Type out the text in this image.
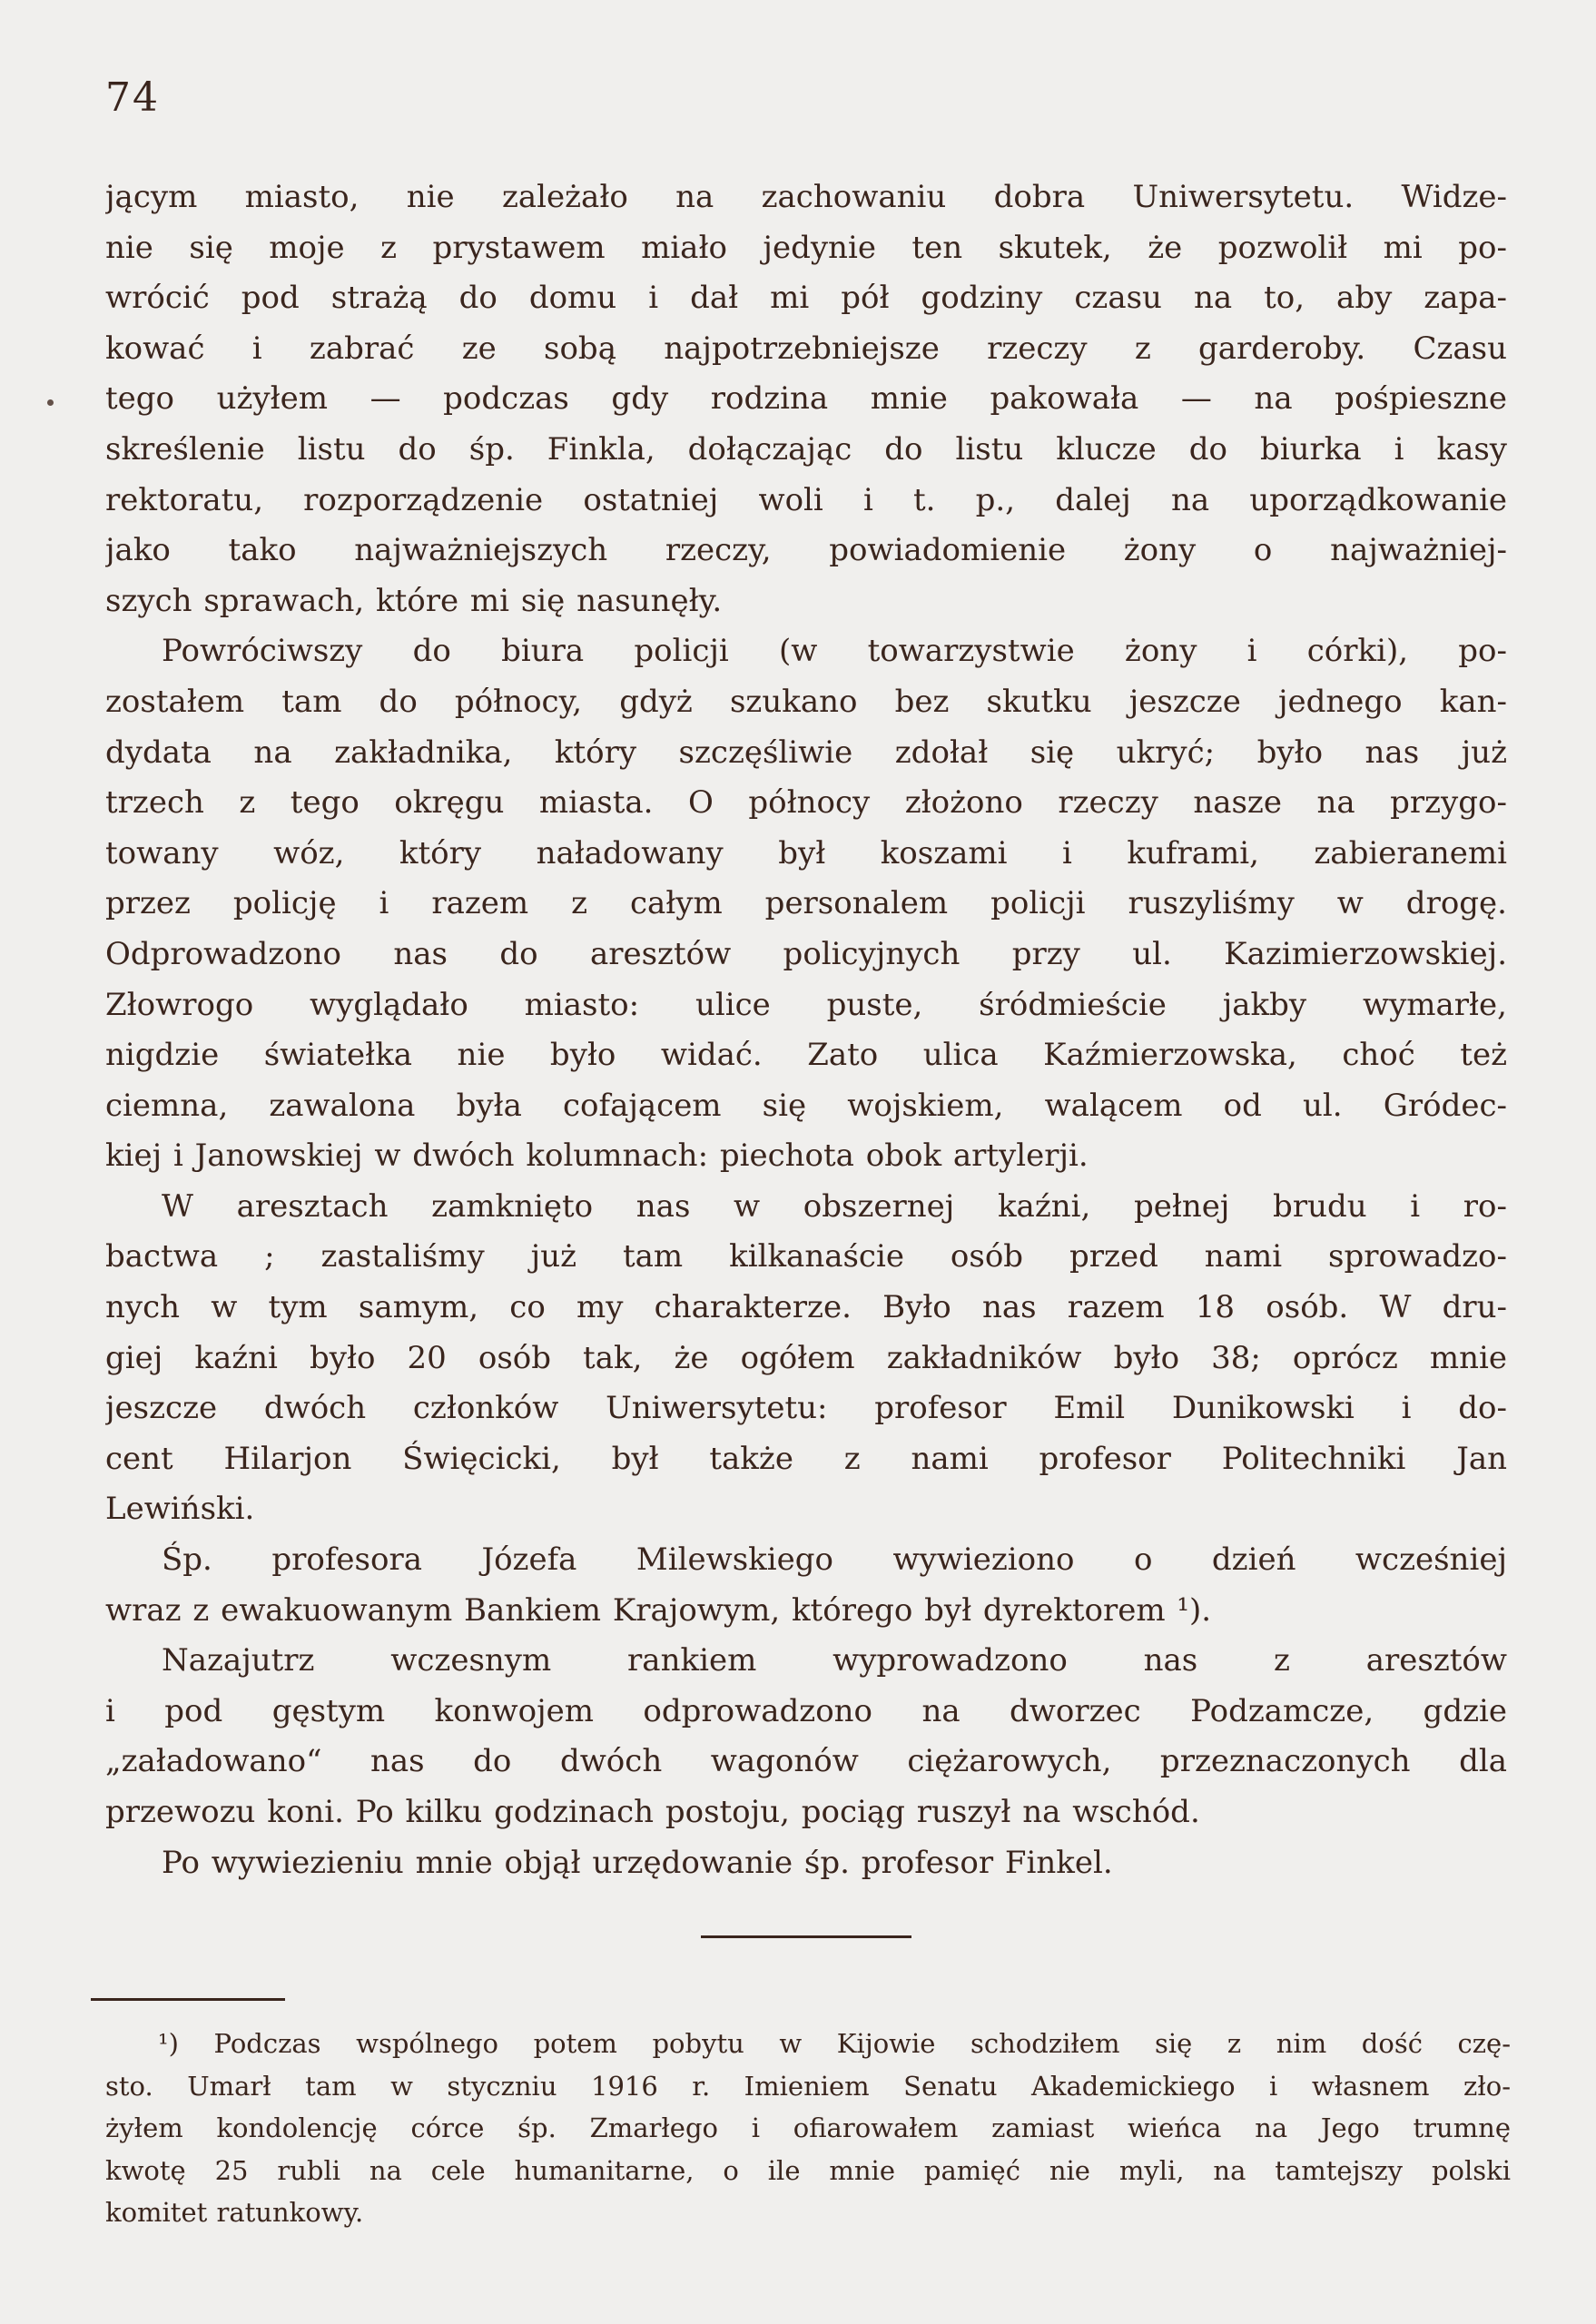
74
jącym miasto, nie zależało na zachowaniu dobra Uniwersytetu. Widze-
nie się moje z prystawem miało jedynie ten skutek, że pozwolił mi po-
wrócić pod strażą do domu i dał mi pół godziny czasu na to, aby zapa-
kować i zabrać ze sobą najpotrzebniejsze rzeczy z garderoby. Czasu
tego użyłem — podczas gdy rodzina mnie pakowała — na pośpieszne
skreślenie listu do śp. Finkla, dołączając do listu klucze do biurka i kasy
rektoratu, rozporządzenie ostatniej woli i t. p., dalej na uporządkowanie
jako tako najważniejszych rzeczy, powiadomienie żony o najważniej-
szych sprawach, które mi się nasunęły.
Powróciwszy do biura policji (w towarzystwie żony i córki), po-
zostałem tam do północy, gdyż szukano bez skutku jeszcze jednego kan-
dydata na zakładnika, który szczęśliwie zdołał się ukryć; było nas już
trzech z tego okręgu miasta. O północy złożono rzeczy nasze na przygo-
towany wóz, który naładowany był koszami i kuframi, zabieranemi
przez policję i razem z całym personalem policji ruszyliśmy w drogę.
Odprowadzono nas do aresztów policyjnych przy ul. Kazimierzowskiej.
Złowrogo wyglądało miasto: ulice puste, śródmieście jakby wymarłe,
nigdzie światełka nie było widać. Zato ulica Kaźmierzowska, choć też
ciemna, zawalona była cofającem się wojskiem, walącem od ul. Gródec-
kiej i Janowskiej w dwóch kolumnach: piechota obok artylerji.
W aresztach zamknięto nas w obszernej kaźni, pełnej brudu i ro-
bactwa ; zastaliśmy już tam kilkanaście osób przed nami sprowadzo-
nych w tym samym, co my charakterze. Było nas razem 18 osób. W dru-
giej kaźni było 20 osób tak, że ogółem zakładników było 38; oprócz mnie
jeszcze dwóch członków Uniwersytetu: profesor Emil Dunikowski i do-
cent Hilarjon Święcicki, był także z nami profesor Politechniki Jan
Lewiński.
Śp. profesora Józefa Milewskiego wywieziono o dzień wcześniej
wraz z ewakuowanym Bankiem Krajowym, którego był dyrektorem ¹).
Nazajutrz wczesnym rankiem wyprowadzono nas z aresztów
i pod gęstym konwojem odprowadzono na dworzec Podzamcze, gdzie
„załadowano“ nas do dwóch wagonów ciężarowych, przeznaczonych dla
przewozu koni. Po kilku godzinach postoju, pociąg ruszył na wschód.
Po wywiezieniu mnie objął urzędowanie śp. profesor Finkel.
¹) Podczas wspólnego potem pobytu w Kijowie schodziłem się z nim dość czę-
sto. Umarł tam w styczniu 1916 r. Imieniem Senatu Akademickiego i własnem zło-
żyłem kondolencję córce śp. Zmarłego i ofiarowałem zamiast wieńca na Jego trumnę
kwotę 25 rubli na cele humanitarne, o ile mnie pamięć nie myli, na tamtejszy polski
komitet ratunkowy.
